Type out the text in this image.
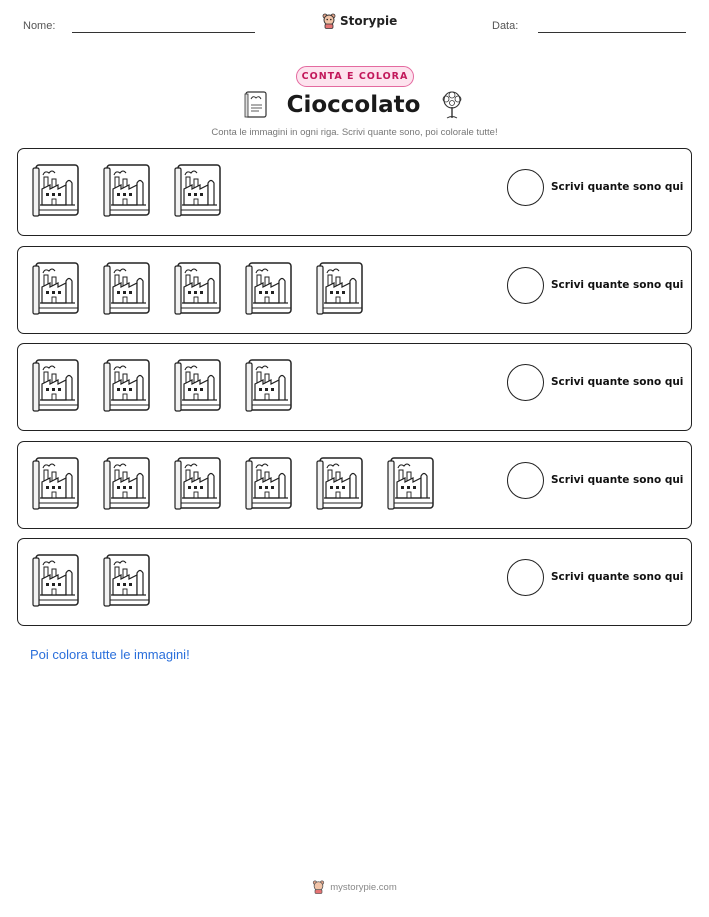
Nome:	Storypie	Data:
CONTA E COLORA
Cioccolato
Conta le immagini in ogni riga. Scrivi quante sono, poi colorale tutte!
Scrivi quante sono qui
Scrivi quante sono qui
Scrivi quante sono qui
Scrivi quante sono qui
Scrivi quante sono qui
Poi colora tutte le immagini!
mystorypie.com
